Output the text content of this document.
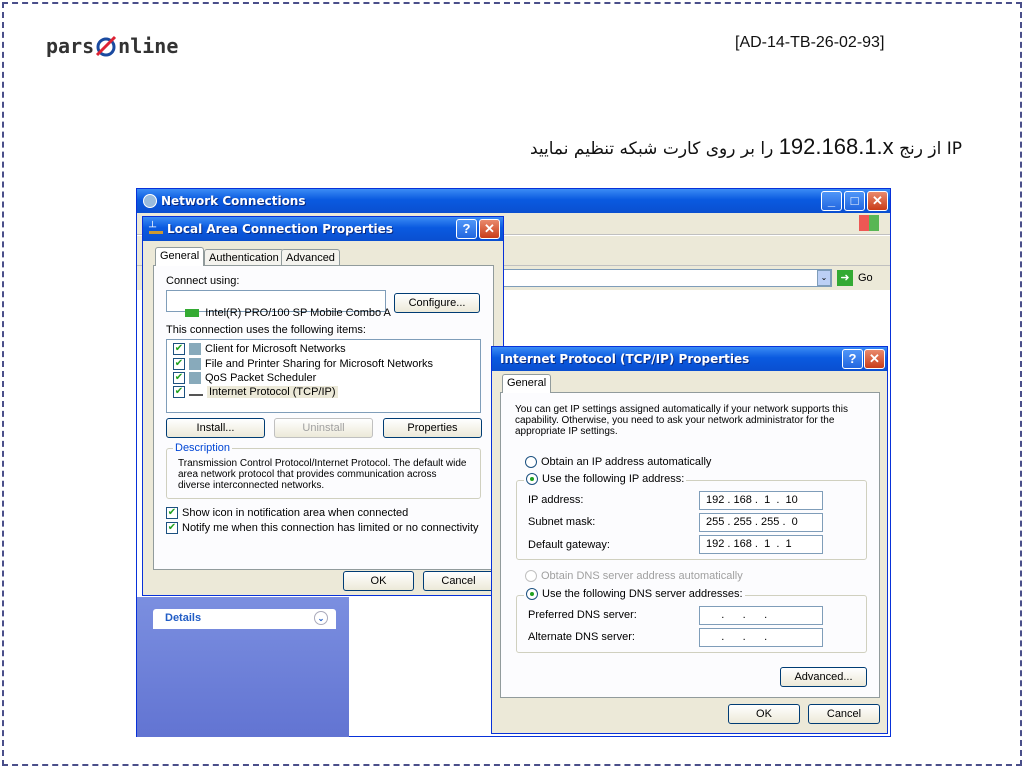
pars nline	[AD-14-TB-26-02-93]
IP از رنج 192.168.1.x را بر روی کارت شبکه تنظیم نمایید
Network Connections	_	□	✕
⌄	➜ Go
Details	⌄
Local Area Connection Properties
┴	?	✕
General Authentication Advanced
Connect using:

Intel(R) PRO/100 SP Mobile Combo A

Configure...
This connection uses the following items:
✔ Client for Microsoft Networks
✔ File and Printer Sharing for Microsoft Networks
✔ QoS Packet Scheduler
✔ Internet Protocol (TCP/IP)
Install...	Uninstall	Properties
Description
Transmission Control Protocol/Internet Protocol. The default wide area network protocol that provides communication across diverse interconnected networks.
✔ Show icon in notification area when connected
✔ Notify me when this connection has limited or no connectivity
OK	Cancel
Internet Protocol (TCP/IP) Properties	? ✕
General
You can get IP settings assigned automatically if your network supports this capability. Otherwise, you need to ask your network administrator for the appropriate IP settings.
Obtain an IP address automatically
Use the following IP address:
IP address:	192 . 168 .  1  .  10
Subnet mask:	255 . 255 . 255 .  0
Default gateway:	192 . 168 .  1  .  1
Obtain DNS server address automatically
Use the following DNS server addresses:
Preferred DNS server:	.      .      .
Alternate DNS server:	.      .      .
Advanced...
OK	Cancel
